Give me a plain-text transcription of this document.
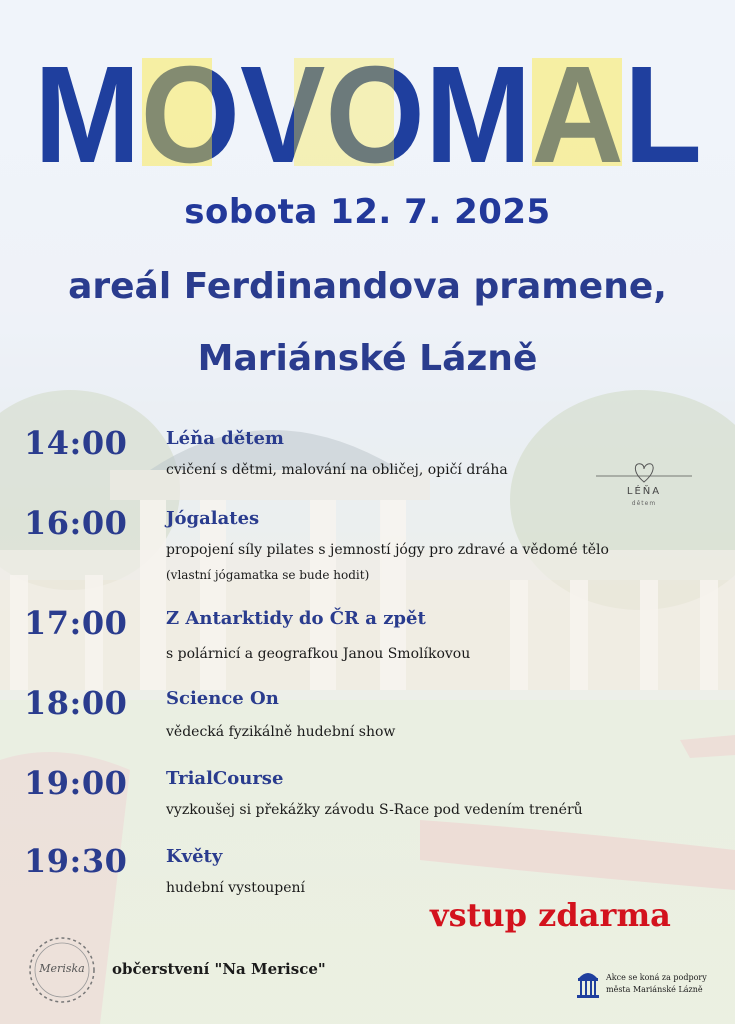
MOVOMAL
sobota 12. 7. 2025
areál Ferdinandova pramene,
Mariánské Lázně
14:00 Léňa dětem
cvičení s dětmi, malování na obličej, opičí dráha
16:00 Jógalates
propojení síly pilates s jemností jógy pro zdravé a vědomé tělo
(vlastní jógamatka se bude hodit)
17:00 Z Antarktidy do ČR a zpět
s polárnicí a geografkou Janou Smolíkovou
18:00 Science On
vědecká fyzikálně hudební show
19:00 TrialCourse
vyzkoušej si překážky závodu S-Race pod vedením trenérů
19:30 Květy
hudební vystoupení
LÉŇA
dětem
vstup zdarma
Meriska	občerstvení "Na Merisce"	Akce se koná za podpory
města Mariánské Lázně
